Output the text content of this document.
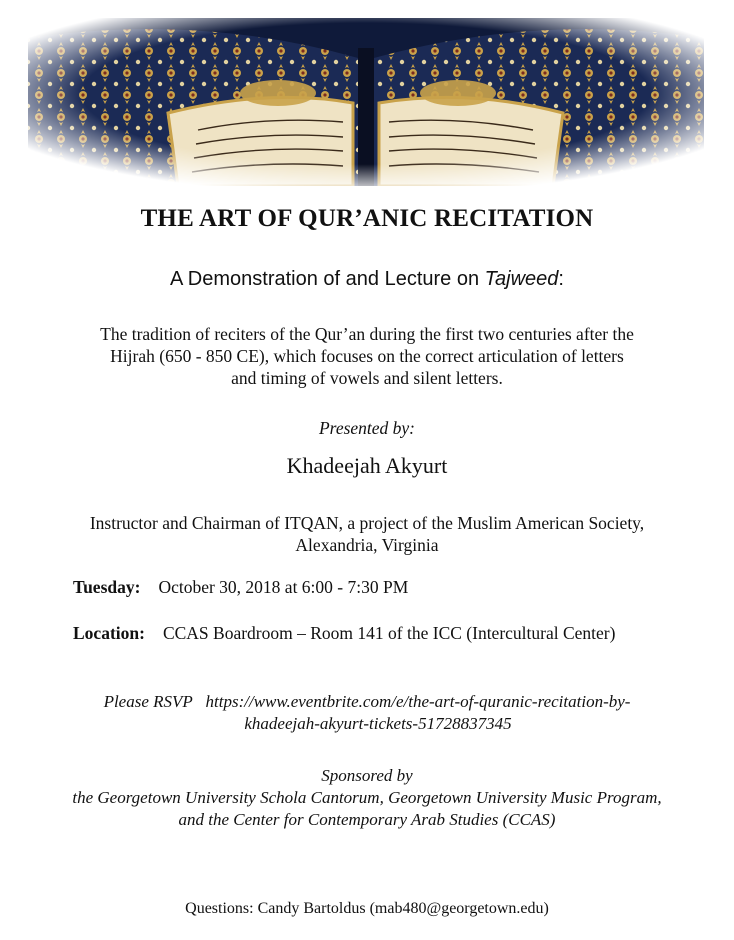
THE ART OF QUR’ANIC RECITATION
A Demonstration of and Lecture on Tajweed:
The tradition of reciters of the Qur’an during the first two centuries after the
Hijrah (650 - 850 CE), which focuses on the correct articulation of letters
and timing of vowels and silent letters.
Presented by:
Khadeejah Akyurt
Instructor and Chairman of ITQAN, a project of the Muslim American Society,
Alexandria, Virginia
Tuesday: October 30, 2018 at 6:00 - 7:30 PM
Location: CCAS Boardroom – Room 141 of the ICC (Intercultural Center)
Please RSVP https://www.eventbrite.com/e/the-art-of-quranic-recitation-by-
khadeejah-akyurt-tickets-51728837345
Sponsored by
the Georgetown University Schola Cantorum, Georgetown University Music Program,
and the Center for Contemporary Arab Studies (CCAS)
Questions: Candy Bartoldus (mab480@georgetown.edu)
